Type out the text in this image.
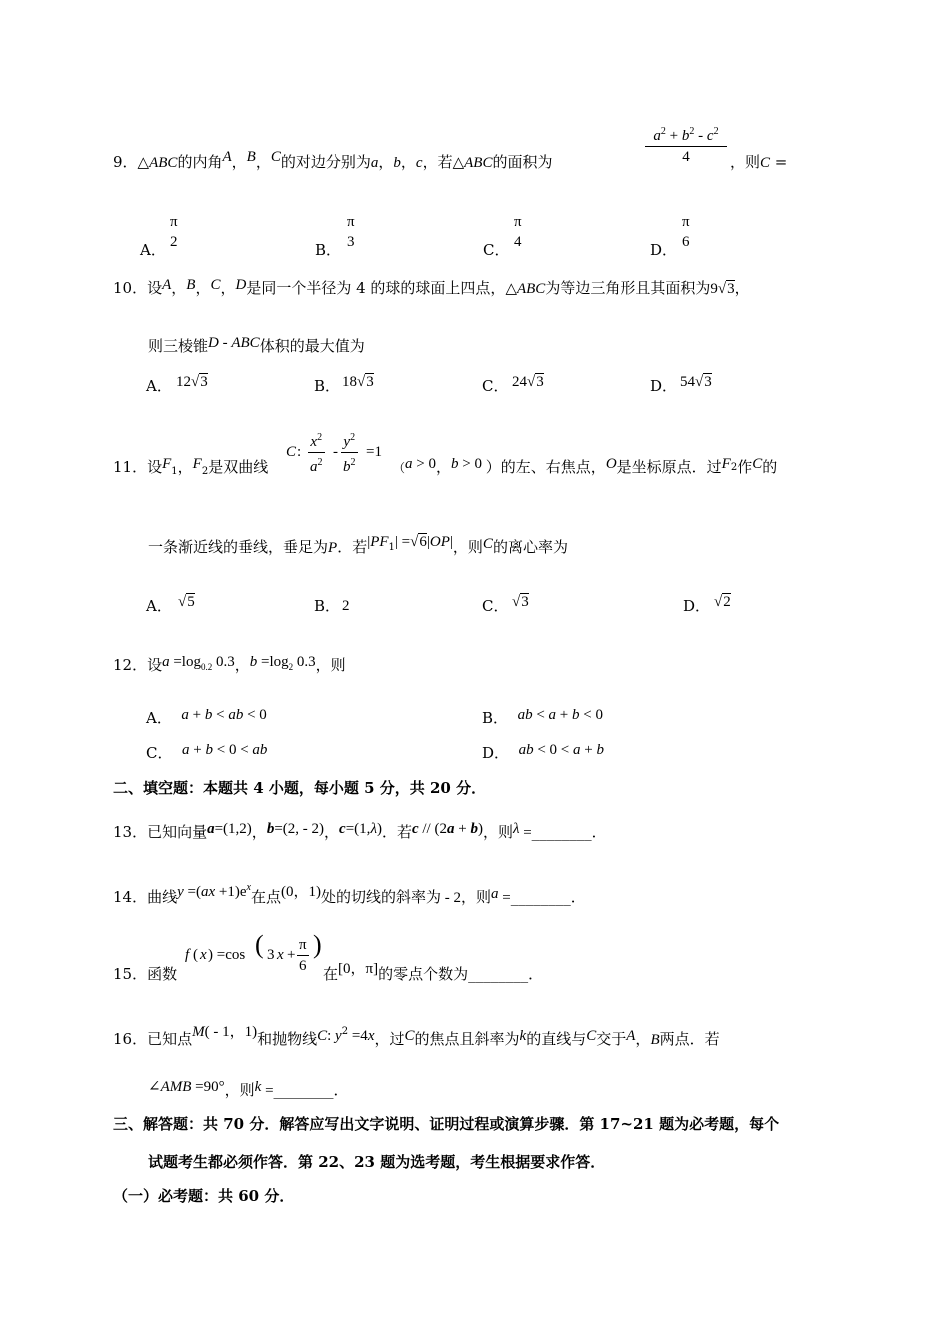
9．△ABC的内角A，B，C的对边分别为a，b，c，若△ABC的面积为	$\frac{a^2 + b^2 - c^2}{4}$ ，则C =
A．
π
2	B．
π
3	C．
π
4	D．
π
6
10．设A，B，C，D是同一个半径为 4 的球的球面上四点，△ABC为等边三角形且其面积为9√3，
则三棱锥D - ABC体积的最大值为
A． 12√3	B． 18√3	C． 24√3	D． 54√3
11．设$F_1$，$F_2$是双曲线
C : $\frac{x^2}{a^2} - \frac{y^2}{b^2} =1$
（a > 0，b > 0 ）的左、右焦点，O是坐标原点．过$F_2$作C的
一条渐近线的垂线，垂足为P．若$|PF_1| =√6|OP|$，则C的离心率为
A． √5	B． 2	C． √3	D． √2
12．设$a =\log_{0.2}$ 0.3，$b =\log_2$ 0.3，则
A． a + b < ab < 0	B． ab < a + b < 0
C． a + b < 0 < ab	D． ab < 0 < a + b
二、填空题：本题共 4 小题，每小题 5 分，共 20 分．
13．已知向量a=(1,2)，b=(2, - 2)，c=(1,λ)．若c // (2a + b)，则λ =________．
14．曲线$y =(ax +1)e^x$在点(0，1)处的切线的斜率为 - 2，则a =________．
15．函数
f ( x ) =cos ( 3 $x + \frac{\pi}{6}$ )
在[0，π]的零点个数为________．
16．已知点M( - 1，1)和抛物线C: $y^2 =4x$，过C的焦点且斜率为k的直线与C交于A，B两点．若
∠AMB =90°，则k =________．
三、解答题：共 70 分．解答应写出文字说明、证明过程或演算步骤．第 17~21 题为必考题，每个
试题考生都必须作答．第 22、23 题为选考题，考生根据要求作答．
（一）必考题：共 60 分．
